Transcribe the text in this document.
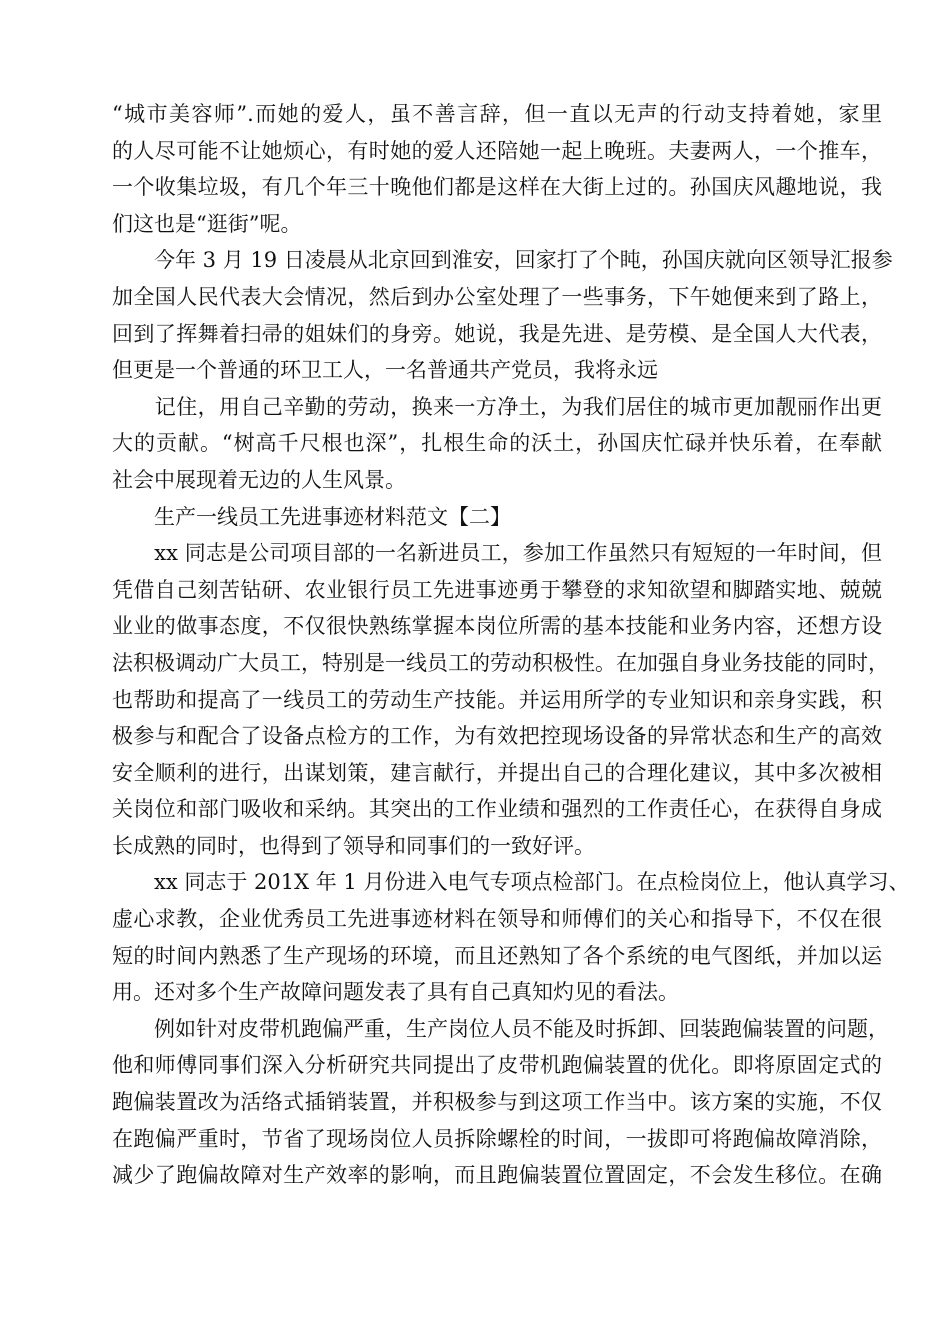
“城市美容师”.而她的爱人，虽不善言辞，但一直以无声的行动支持着她，家里
的人尽可能不让她烦心，有时她的爱人还陪她一起上晚班。夫妻两人，一个推车，
一个收集垃圾，有几个年三十晚他们都是这样在大街上过的。孙国庆风趣地说，我
们这也是“逛街”呢。
　　今年 3 月 19 日凌晨从北京回到淮安，回家打了个盹，孙国庆就向区领导汇报参
加全国人民代表大会情况，然后到办公室处理了一些事务，下午她便来到了路上，
回到了挥舞着扫帚的姐妹们的身旁。她说，我是先进、是劳模、是全国人大代表，
但更是一个普通的环卫工人，一名普通共产党员，我将永远
　　记住，用自己辛勤的劳动，换来一方净土，为我们居住的城市更加靓丽作出更
大的贡献。“树高千尺根也深”，扎根生命的沃土，孙国庆忙碌并快乐着，在奉献
社会中展现着无边的人生风景。
　　生产一线员工先进事迹材料范文【二】
　　xx 同志是公司项目部的一名新进员工，参加工作虽然只有短短的一年时间，但
凭借自己刻苦钻研、农业银行员工先进事迹勇于攀登的求知欲望和脚踏实地、兢兢
业业的做事态度，不仅很快熟练掌握本岗位所需的基本技能和业务内容，还想方设
法积极调动广大员工，特别是一线员工的劳动积极性。在加强自身业务技能的同时，
也帮助和提高了一线员工的劳动生产技能。并运用所学的专业知识和亲身实践，积
极参与和配合了设备点检方的工作，为有效把控现场设备的异常状态和生产的高效
安全顺利的进行，出谋划策，建言献行，并提出自己的合理化建议，其中多次被相
关岗位和部门吸收和采纳。其突出的工作业绩和强烈的工作责任心，在获得自身成
长成熟的同时，也得到了领导和同事们的一致好评。
　　xx 同志于 201X 年 1 月份进入电气专项点检部门。在点检岗位上，他认真学习、
虚心求教，企业优秀员工先进事迹材料在领导和师傅们的关心和指导下，不仅在很
短的时间内熟悉了生产现场的环境，而且还熟知了各个系统的电气图纸，并加以运
用。还对多个生产故障问题发表了具有自己真知灼见的看法。
　　例如针对皮带机跑偏严重，生产岗位人员不能及时拆卸、回装跑偏装置的问题，
他和师傅同事们深入分析研究共同提出了皮带机跑偏装置的优化。即将原固定式的
跑偏装置改为活络式插销装置，并积极参与到这项工作当中。该方案的实施，不仅
在跑偏严重时，节省了现场岗位人员拆除螺栓的时间，一拔即可将跑偏故障消除，
减少了跑偏故障对生产效率的影响，而且跑偏装置位置固定，不会发生移位。在确
